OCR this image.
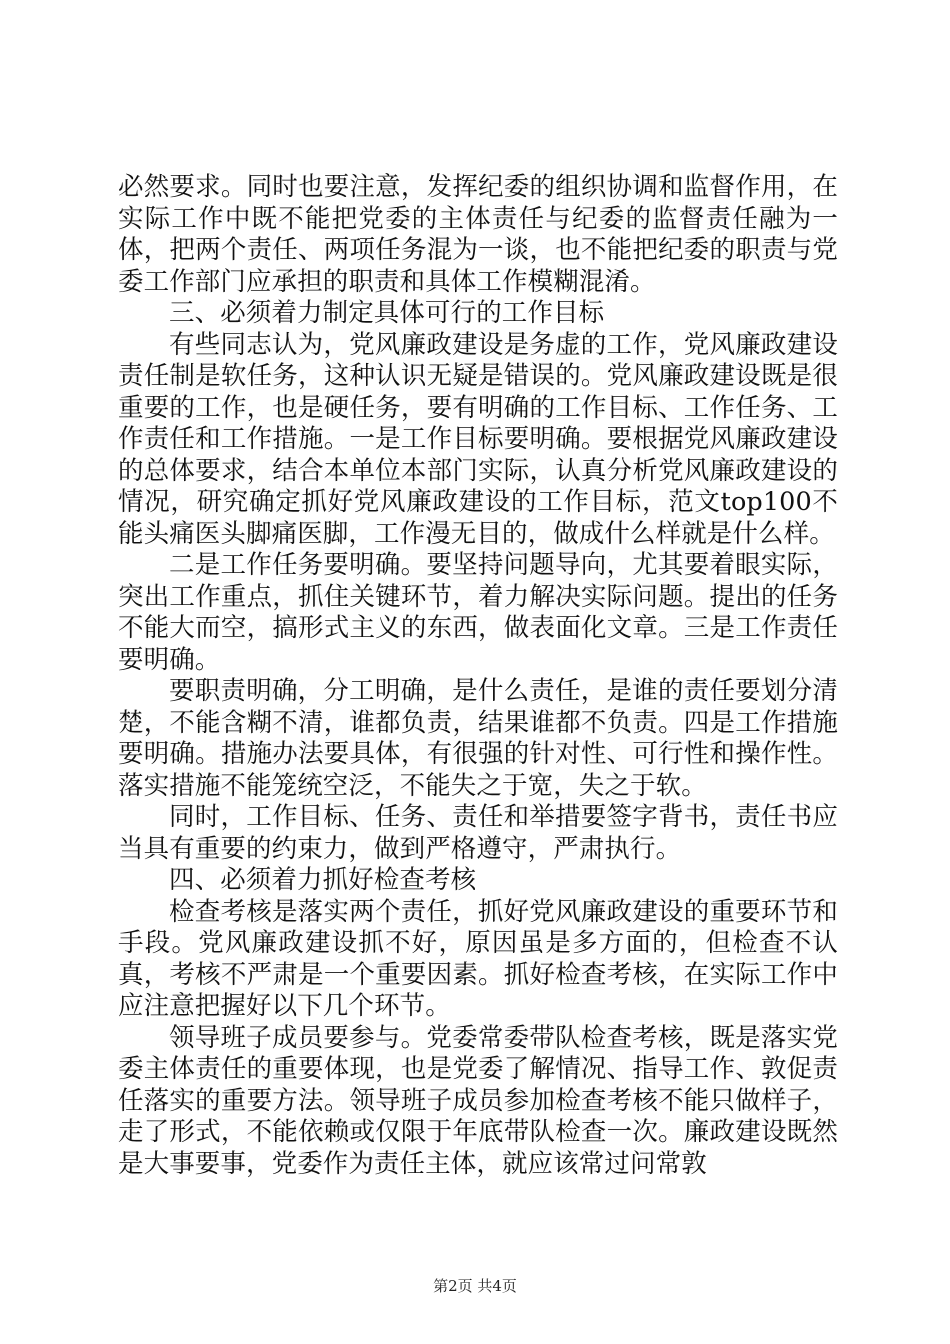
必然要求。同时也要注意，发挥纪委的组织协调和监督作用，在实际工作中既不能把党委的主体责任与纪委的监督责任融为一体，把两个责任、两项任务混为一谈，也不能把纪委的职责与党委工作部门应承担的职责和具体工作模糊混淆。

三、必须着力制定具体可行的工作目标

有些同志认为，党风廉政建设是务虚的工作，党风廉政建设责任制是软任务，这种认识无疑是错误的。党风廉政建设既是很重要的工作，也是硬任务，要有明确的工作目标、工作任务、工作责任和工作措施。一是工作目标要明确。要根据党风廉政建设的总体要求，结合本单位本部门实际，认真分析党风廉政建设的情况，研究确定抓好党风廉政建设的工作目标，范文top100不能头痛医头脚痛医脚，工作漫无目的，做成什么样就是什么样。

二是工作任务要明确。要坚持问题导向，尤其要着眼实际，突出工作重点，抓住关键环节，着力解决实际问题。提出的任务不能大而空，搞形式主义的东西，做表面化文章。三是工作责任要明确。

要职责明确，分工明确，是什么责任，是谁的责任要划分清楚，不能含糊不清，谁都负责，结果谁都不负责。四是工作措施要明确。措施办法要具体，有很强的针对性、可行性和操作性。落实措施不能笼统空泛，不能失之于宽，失之于软。

同时，工作目标、任务、责任和举措要签字背书，责任书应当具有重要的约束力，做到严格遵守，严肃执行。

四、必须着力抓好检查考核

检查考核是落实两个责任，抓好党风廉政建设的重要环节和手段。党风廉政建设抓不好，原因虽是多方面的，但检查不认真，考核不严肃是一个重要因素。抓好检查考核，在实际工作中应注意把握好以下几个环节。

领导班子成员要参与。党委常委带队检查考核，既是落实党委主体责任的重要体现，也是党委了解情况、指导工作、敦促责任落实的重要方法。领导班子成员参加检查考核不能只做样子，走了形式，不能依赖或仅限于年底带队检查一次。廉政建设既然是大事要事，党委作为责任主体，就应该常过问常敦

第2页 共4页
